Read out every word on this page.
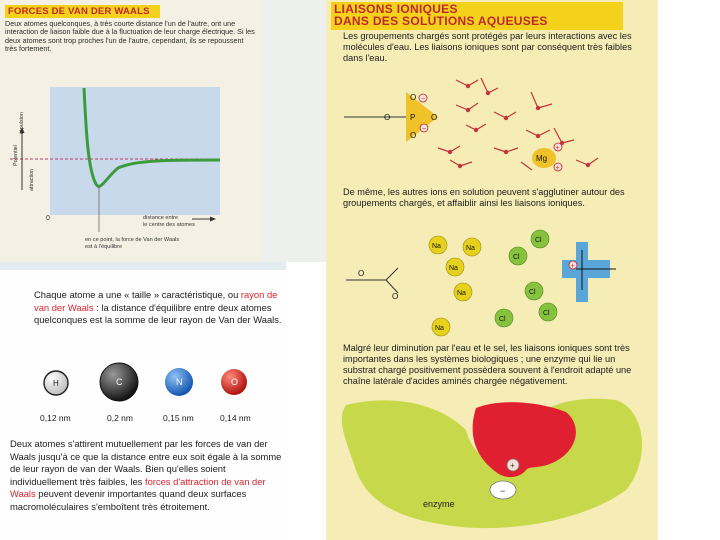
FORCES DE VAN DER WAALS
Deux atomes quelconques, à très courte distance l'un de l'autre, ont une interaction de liaison faible due à la fluctuation de leur charge électrique. Si les deux atomes sont trop proches l'un de l'autre, cependant, ils se repoussent très fortement.
répulsion
Potentiel
attraction
0	distance entre
le centre des atomes
en ce point, la force de Van der Waals
est à l'équilibre
Chaque atome a une « taille » caractéristique, ou rayon de van der Waals : la distance d'équilibre entre deux atomes quelconques est la somme de leur rayon de Van der Waals.
H	C	N	O
0,12 nm	0,2 nm	0,15 nm	0,14 nm
Deux atomes s'attirent mutuellement par les forces de van der Waals jusqu'à ce que la distance entre eux soit égale à la somme de leur rayon de van der Waals. Bien qu'elles soient individuellement très faibles, les forces d'attraction de van der Waals peuvent devenir importantes quand deux surfaces macromoléculaires s'emboîtent très étroitement.
LIAISONS IONIQUES
DANS DES SOLUTIONS AQUEUSES
O
P
O
O	O
−
−
Mg
+
+
O
O
Na	Na
Na
Na
Na
Cl
Cl
Cl
Cl
Cl
+
+
−
enzyme
Les groupements chargés sont protégés par leurs interactions avec les molécules d'eau. Les liaisons ioniques sont par conséquent très faibles dans l'eau.
De même, les autres ions en solution peuvent s'agglutiner autour des groupements chargés, et affaiblir ainsi les liaisons ioniques.
Malgré leur diminution par l'eau et le sel, les liaisons ioniques sont très importantes dans les systèmes biologiques ; une enzyme qui lie un substrat chargé positivement possèdera souvent à l'endroit adapté une chaîne latérale d'acides aminés chargée négativement.
